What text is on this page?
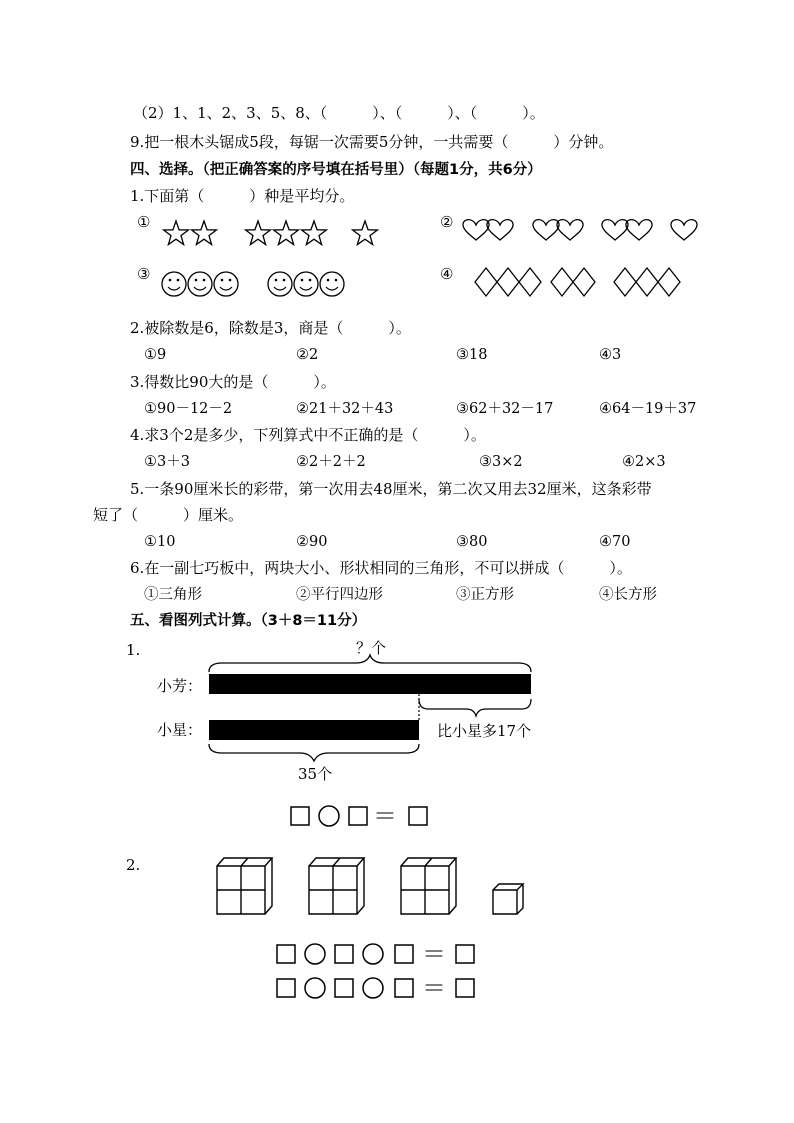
（2）1、1、2、3、5、8、（　　　）、（　　　）、（　　　）。
9.把一根木头锯成5段，每锯一次需要5分钟，一共需要（　　　）分钟。
四、选择。（把正确答案的序号填在括号里）（每题1分，共6分）
1.下面第（　　　）种是平均分。
①	②
③	④
2.被除数是6，除数是3，商是（　　　）。
①9	②2	③18	④3
3.得数比90大的是（　　　）。
①90－12－2	②21＋32＋43	③62＋32－17	④64－19＋37
4.求3个2是多少，下列算式中不正确的是（　　　）。
①3＋3	②2＋2＋2	③3×2	④2×3
5.一条90厘米长的彩带，第一次用去48厘米，第二次又用去32厘米，这条彩带
短了（　　　）厘米。
①10	②90	③80	④70
6.在一副七巧板中，两块大小、形状相同的三角形，不可以拼成（　　　）。
①三角形	②平行四边形	③正方形	④长方形
五、看图列式计算。（3＋8＝11分）
1.	？个
小芳：
小星：	比小星多17个
35个
＝
＝
＝
2.
